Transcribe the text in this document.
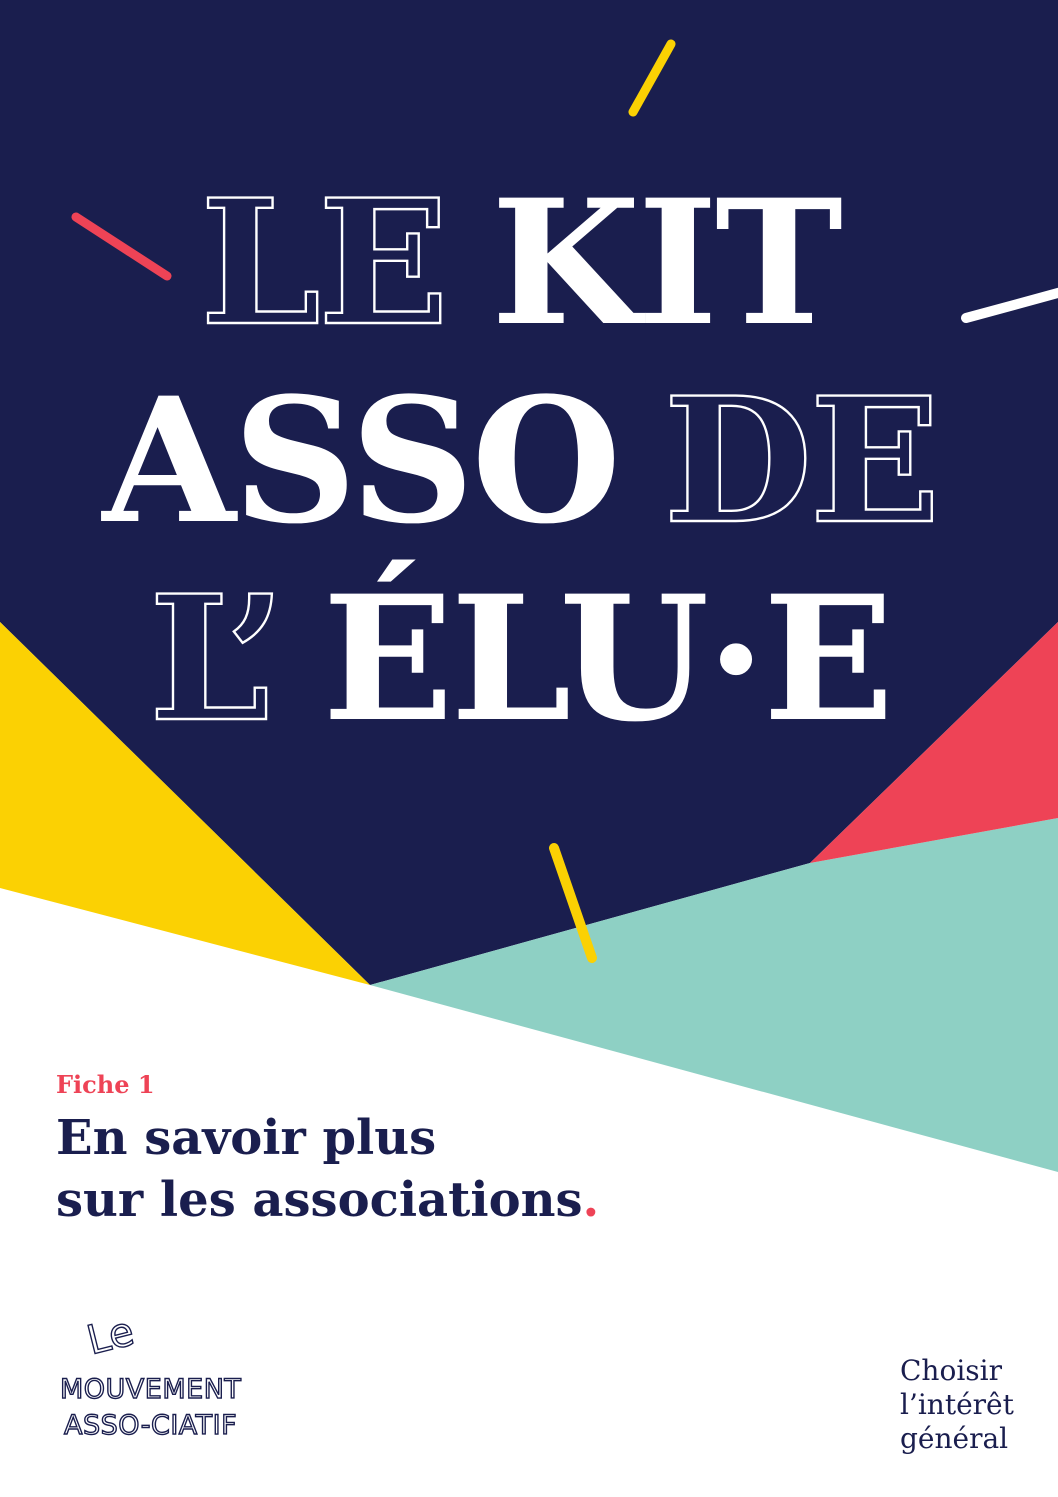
LE KIT
ASSO DE
L’ ÉLU·E
Le
MOUVEMENT
ASSO-CIATIF
Fiche 1
En savoir plus
sur les associations.
Choisir
l’intérêt
général
